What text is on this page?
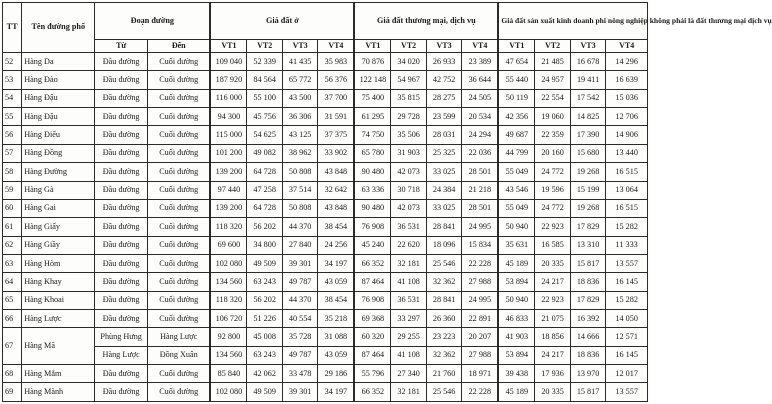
TT	Tên đường phố	Đoạn đường		Giá đất ở				Giá đất thương mại, dịch vụ				Giá đất sản xuất kinh doanh phi nông nghiệp không phải là đất thương mại dịch vụ			
		Từ	Đến	VT1	VT2	VT3	VT4	VT1	VT2	VT3	VT4	VT1	VT2	VT3	VT4
52	Hàng Da	Đầu đường	Cuối đường	109 040	52 339	41 435	35 983	70 876	34 020	26 933	23 389	47 654	21 485	16 678	14 296
53	Hàng Đào	Đầu đường	Cuối đường	187 920	84 564	65 772	56 376	122 148	54 967	42 752	36 644	55 440	24 957	19 411	16 639
54	Hàng Đậu	Đầu đường	Cuối đường	116 000	55 100	43 500	37 700	75 400	35 815	28 275	24 505	50 119	22 554	17 542	15 036
55	Hàng Đậu	Đầu đường	Cuối đường	94 300	45 756	36 306	31 591	61 295	29 728	23 599	20 534	42 356	19 060	14 825	12 706
56	Hàng Điếu	Đầu đường	Cuối đường	115 000	54 625	43 125	37 375	74 750	35 506	28 031	24 294	49 687	22 359	17 390	14 906
57	Hàng Đồng	Đầu đường	Cuối đường	101 200	49 082	38 962	33 902	65 780	31 903	25 325	22 036	44 799	20 160	15 680	13 440
58	Hàng Đường	Đầu đường	Cuối đường	139 200	64 728	50 808	43 848	90 480	42 073	33 025	28 501	55 049	24 772	19 268	16 515
59	Hàng Gà	Đầu đường	Cuối đường	97 440	47 258	37 514	32 642	63 336	30 718	24 384	21 218	43 546	19 596	15 199	13 064
60	Hàng Gai	Đầu đường	Cuối đường	139 200	64 728	50 808	43 848	90 480	42 073	33 025	28 501	55 049	24 772	19 268	16 515
61	Hàng Giấy	Đầu đường	Cuối đường	118 320	56 202	44 370	38 454	76 908	36 531	28 841	24 995	50 940	22 923	17 829	15 282
62	Hàng Giầy	Đầu đường	Cuối đường	69 600	34 800	27 840	24 256	45 240	22 620	18 096	15 834	35 631	16 585	13 310	11 333
63	Hàng Hòm	Đầu đường	Cuối đường	102 080	49 509	39 301	34 197	66 352	32 181	25 546	22 228	45 189	20 335	15 817	13 557
64	Hàng Khay	Đầu đường	Cuối đường	134 560	63 243	49 787	43 059	87 464	41 108	32 362	27 988	53 894	24 217	18 836	16 145
65	Hàng Khoai	Đầu đường	Cuối đường	118 320	56 202	44 370	38 454	76 908	36 531	28 841	24 995	50 940	22 923	17 829	15 282
66	Hàng Lược	Đầu đường	Cuối đường	106 720	51 226	40 554	35 218	69 368	33 297	26 360	22 891	46 833	21 075	16 392	14 050
67	Hàng Mã	Phùng Hưng	Hàng Lược	92 800	45 008	35 728	31 088	60 320	29 255	23 223	20 207	41 903	18 856	14 666	12 571
		Hàng Lược	Đồng Xuân	134 560	63 243	49 787	43 059	87 464	41 108	32 362	27 988	53 894	24 217	18 836	16 145
68	Hàng Mắm	Đầu đường	Cuối đường	85 840	42 062	33 478	29 186	55 796	27 340	21 760	18 971	39 438	17 936	13 970	12 017
69	Hàng Mành	Đầu đường	Cuối đường	102 080	49 509	39 301	34 197	66 352	32 181	25 546	22 228	45 189	20 335	15 817	13 557
